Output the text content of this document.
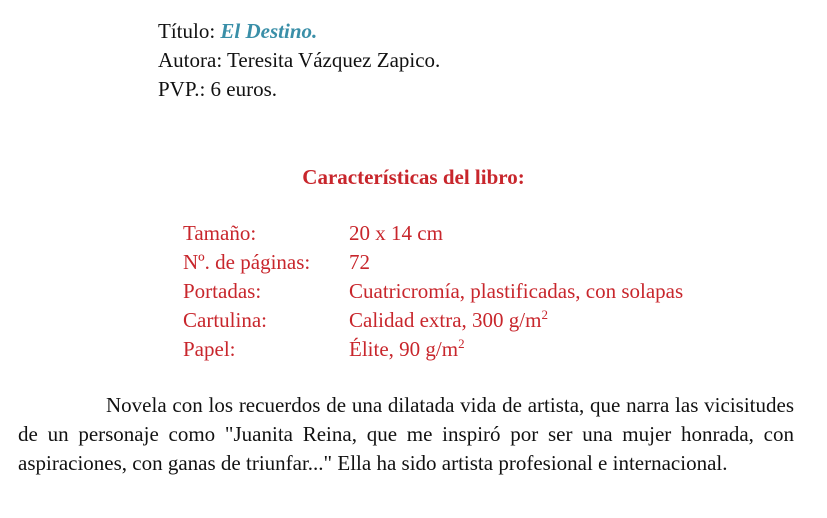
Título: El Destino.
Autora: Teresita Vázquez Zapico.
PVP.: 6 euros.
Características del libro:
Tamaño:	20 x 14 cm
Nº. de páginas:	72
Portadas:	Cuatricromía, plastificadas, con solapas
Cartulina:	Calidad extra, 300 $g/m^2$
Papel:	Élite, 90 $g/m^2$
Novela con los recuerdos de una dilatada vida de artista, que narra las vicisitudes de un personaje como "Juanita Reina, que me inspiró por ser una mujer honrada, con aspiraciones, con ganas de triunfar..." Ella ha sido artista profesional e internacional.
